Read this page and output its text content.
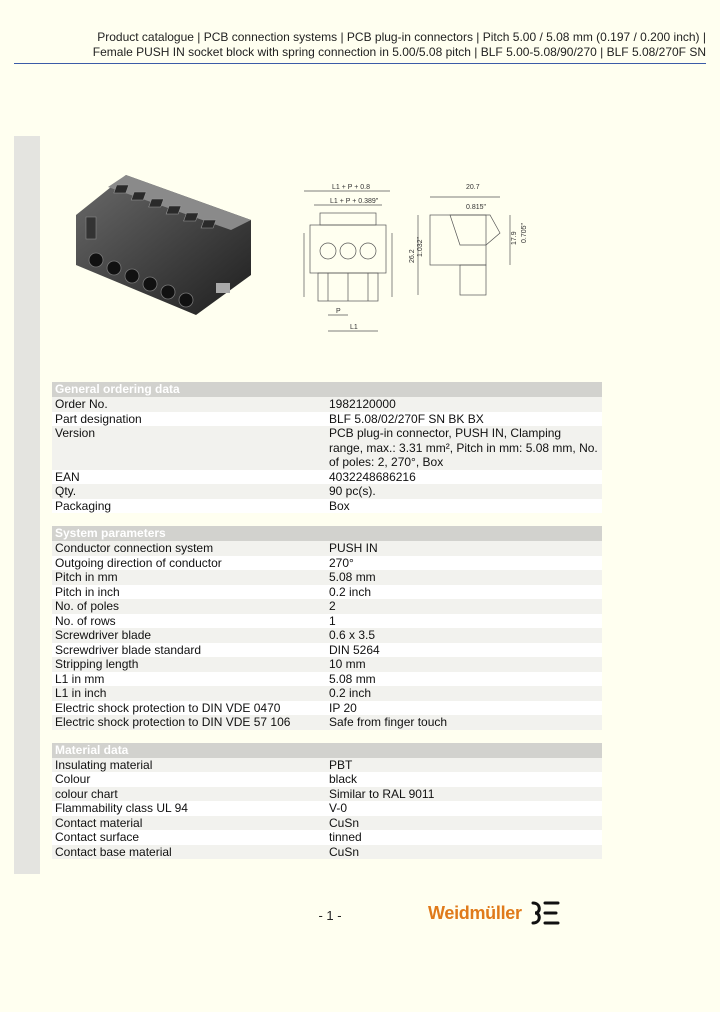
Product catalogue | PCB connection systems | PCB plug-in connectors | Pitch 5.00 / 5.08 mm (0.197 / 0.200 inch) |
Female PUSH IN socket block with spring connection in 5.00/5.08 pitch | BLF 5.00-5.08/90/270 | BLF 5.08/270F SN
L1 + P + 0.8
L1 + P + 0.389"
P
L1
20.7
0.815"
26.2 1.032"	17.9 0.705"
General ordering data
Order No.	1982120000
Part designation	BLF 5.08/02/270F SN BK BX
Version	PCB plug-in connector, PUSH IN, Clamping range, max.: 3.31 mm², Pitch in mm: 5.08 mm, No. of poles: 2, 270°, Box
EAN	4032248686216
Qty.	90 pc(s).
Packaging	Box
System parameters
Conductor connection system	PUSH IN
Outgoing direction of conductor	270°
Pitch in mm	5.08 mm
Pitch in inch	0.2 inch
No. of poles	2
No. of rows	1
Screwdriver blade	0.6 x 3.5
Screwdriver blade standard	DIN 5264
Stripping length	10 mm
L1 in mm	5.08 mm
L1 in inch	0.2 inch
Electric shock protection to DIN VDE 0470	IP 20
Electric shock protection to DIN VDE 57 106	Safe from finger touch
Material data
Insulating material	PBT
Colour	black
colour chart	Similar to RAL 9011
Flammability class UL 94	V-0
Contact material	CuSn
Contact surface	tinned
Contact base material	CuSn
- 1 -	Weidmüller
